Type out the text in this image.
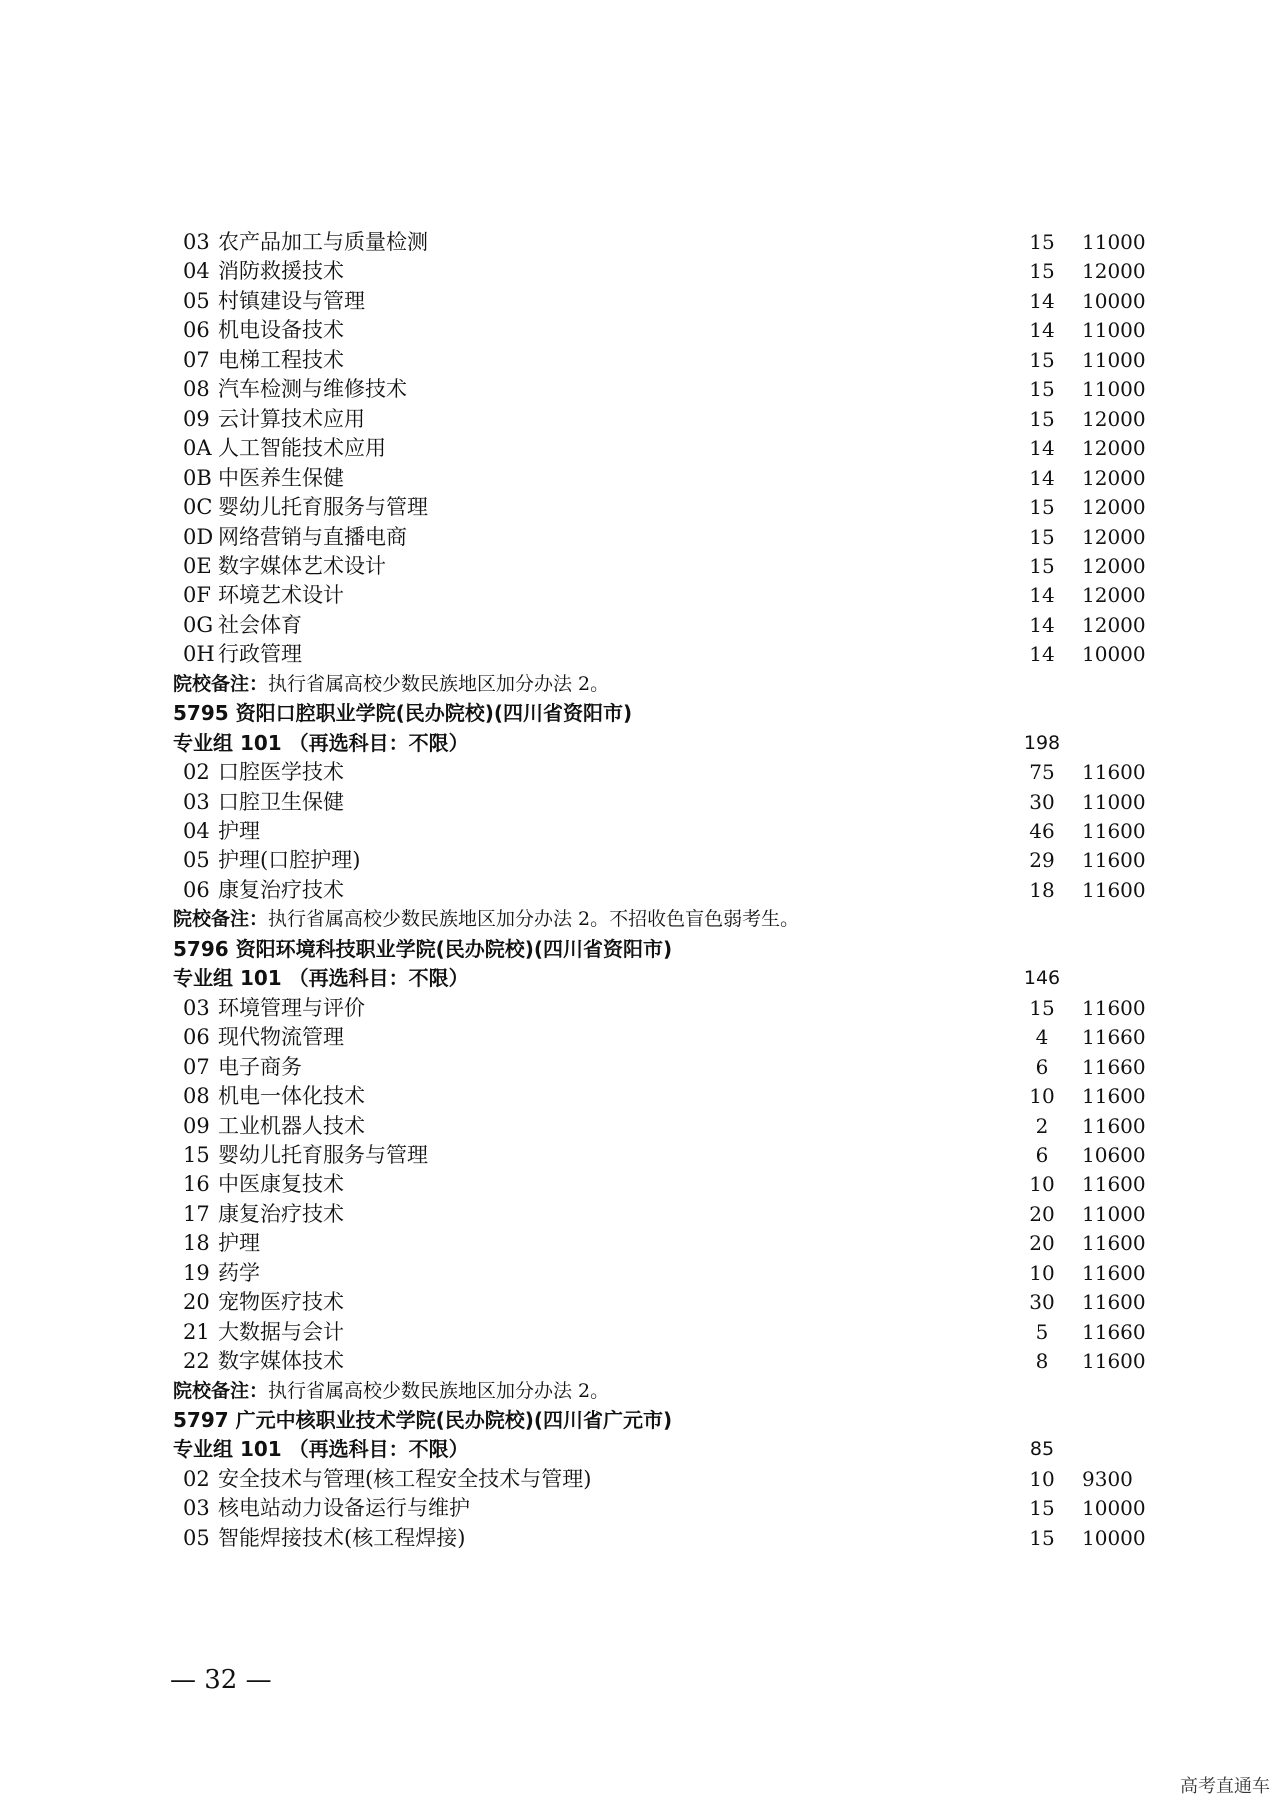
03 农产品加工与质量检测	15	11000
04 消防救援技术	15	12000
05 村镇建设与管理	14	10000
06 机电设备技术	14	11000
07 电梯工程技术	15	11000
08 汽车检测与维修技术	15	11000
09 云计算技术应用	15	12000
0A 人工智能技术应用	14	12000
0B 中医养生保健	14	12000
0C 婴幼儿托育服务与管理	15	12000
0D 网络营销与直播电商	15	12000
0E 数字媒体艺术设计	15	12000
0F 环境艺术设计	14	12000
0G 社会体育	14	12000
0H 行政管理	14	10000
院校备注：执行省属高校少数民族地区加分办法 2。
5795 资阳口腔职业学院(民办院校)(四川省资阳市)
专业组 101 （再选科目：不限）	198
02 口腔医学技术	75	11600
03 口腔卫生保健	30	11000
04 护理	46	11600
05 护理(口腔护理)	29	11600
06 康复治疗技术	18	11600
院校备注：执行省属高校少数民族地区加分办法 2。不招收色盲色弱考生。
5796 资阳环境科技职业学院(民办院校)(四川省资阳市)
专业组 101 （再选科目：不限）	146
03 环境管理与评价	15	11600
06 现代物流管理	4	11660
07 电子商务	6	11660
08 机电一体化技术	10	11600
09 工业机器人技术	2	11600
15 婴幼儿托育服务与管理	6	10600
16 中医康复技术	10	11600
17 康复治疗技术	20	11000
18 护理	20	11600
19 药学	10	11600
20 宠物医疗技术	30	11600
21 大数据与会计	5	11660
22 数字媒体技术	8	11600
院校备注：执行省属高校少数民族地区加分办法 2。
5797 广元中核职业技术学院(民办院校)(四川省广元市)
专业组 101 （再选科目：不限）	85
02 安全技术与管理(核工程安全技术与管理)	10	9300
03 核电站动力设备运行与维护	15	10000
05 智能焊接技术(核工程焊接)	15	10000
— 32 —
高考直通车
